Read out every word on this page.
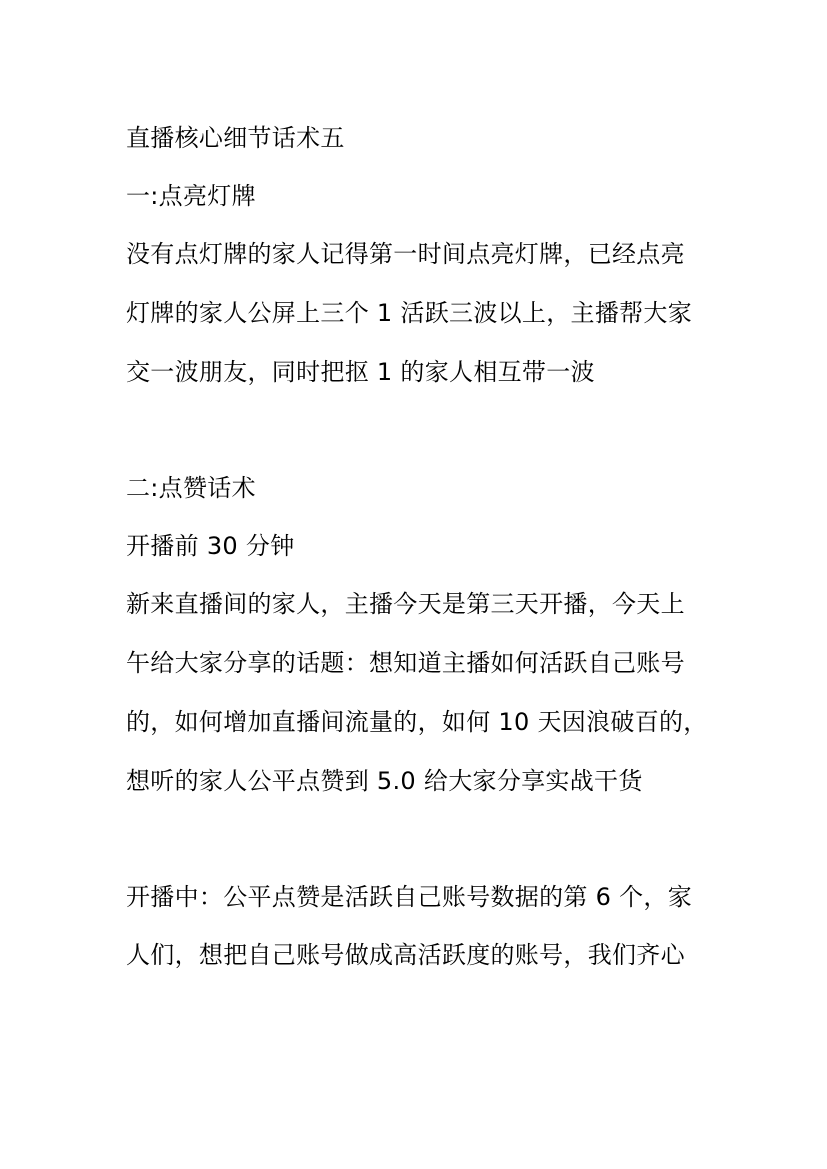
直播核心细节话术五
一:点亮灯牌
没有点灯牌的家人记得第一时间点亮灯牌，已经点亮
灯牌的家人公屏上三个 1 活跃三波以上，主播帮大家
交一波朋友，同时把抠 1 的家人相互带一波
二:点赞话术
开播前 30 分钟
新来直播间的家人，主播今天是第三天开播，今天上
午给大家分享的话题：想知道主播如何活跃自己账号
的，如何增加直播间流量的，如何 10 天因浪破百的，
想听的家人公平点赞到 5.0 给大家分享实战干货
开播中：公平点赞是活跃自己账号数据的第 6 个，家
人们，想把自己账号做成高活跃度的账号，我们齐心
